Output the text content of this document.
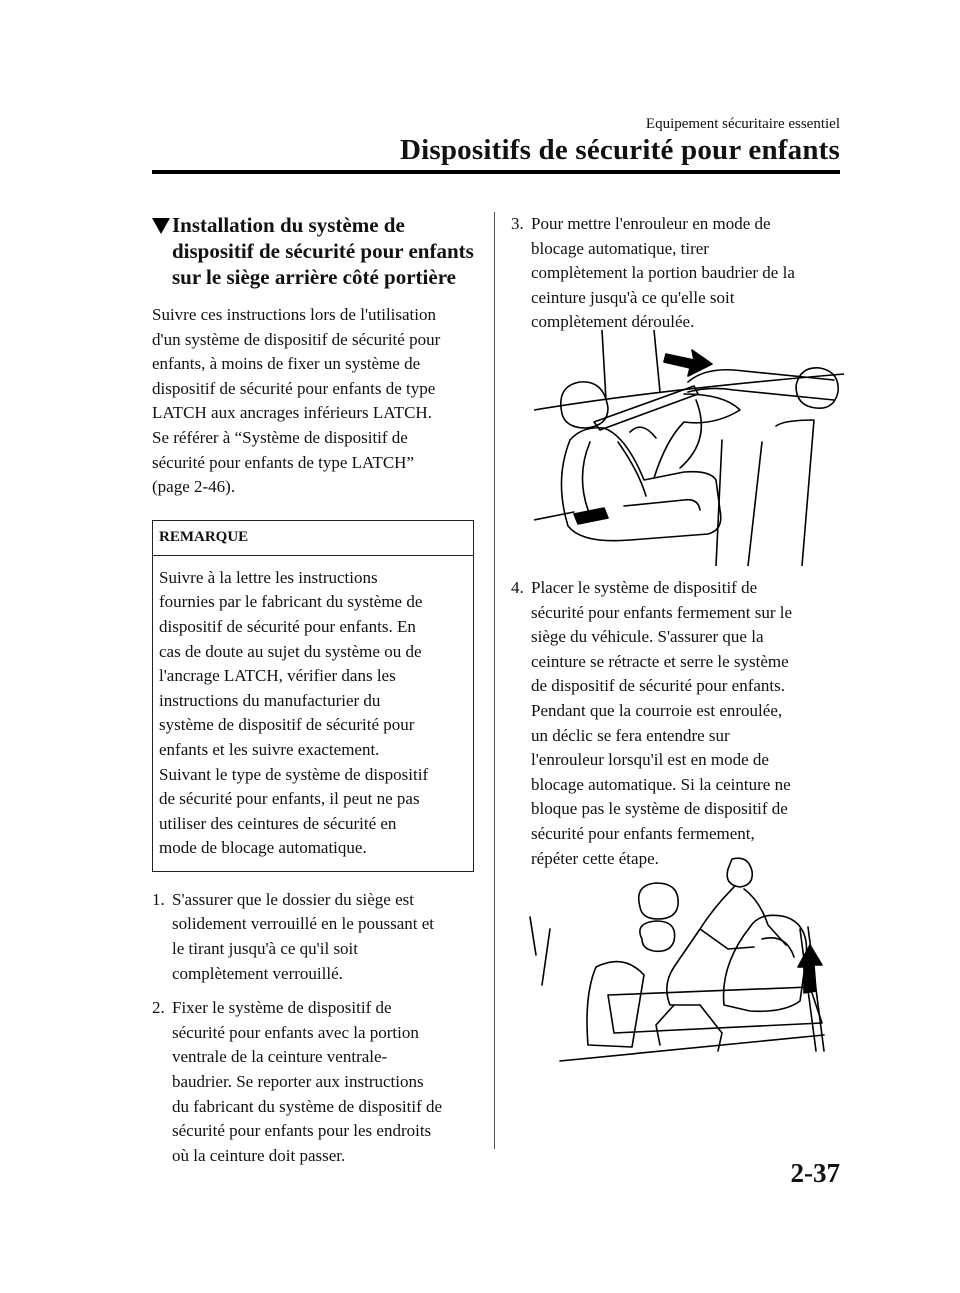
Equipement sécuritaire essentiel
Dispositifs de sécurité pour enfants
Installation du système de
dispositif de sécurité pour enfants
sur le siège arrière côté portière
Suivre ces instructions lors de l'utilisation
d'un système de dispositif de sécurité pour
enfants, à moins de fixer un système de
dispositif de sécurité pour enfants de type
LATCH aux ancrages inférieurs LATCH.
Se référer à “Système de dispositif de
sécurité pour enfants de type LATCH”
(page 2-46).
REMARQUE
Suivre à la lettre les instructions
fournies par le fabricant du système de
dispositif de sécurité pour enfants. En
cas de doute au sujet du système ou de
l'ancrage LATCH, vérifier dans les
instructions du manufacturier du
système de dispositif de sécurité pour
enfants et les suivre exactement.
Suivant le type de système de dispositif
de sécurité pour enfants, il peut ne pas
utiliser des ceintures de sécurité en
mode de blocage automatique.
1. S'assurer que le dossier du siège est
solidement verrouillé en le poussant et
le tirant jusqu'à ce qu'il soit
complètement verrouillé.
2. Fixer le système de dispositif de
sécurité pour enfants avec la portion
ventrale de la ceinture ventrale-
baudrier. Se reporter aux instructions
du fabricant du système de dispositif de
sécurité pour enfants pour les endroits
où la ceinture doit passer.
3. Pour mettre l'enrouleur en mode de
blocage automatique, tirer
complètement la portion baudrier de la
ceinture jusqu'à ce qu'elle soit
complètement déroulée.
4. Placer le système de dispositif de
sécurité pour enfants fermement sur le
siège du véhicule. S'assurer que la
ceinture se rétracte et serre le système
de dispositif de sécurité pour enfants.
Pendant que la courroie est enroulée,
un déclic se fera entendre sur
l'enrouleur lorsqu'il est en mode de
blocage automatique. Si la ceinture ne
bloque pas le système de dispositif de
sécurité pour enfants fermement,
répéter cette étape.
2-37
